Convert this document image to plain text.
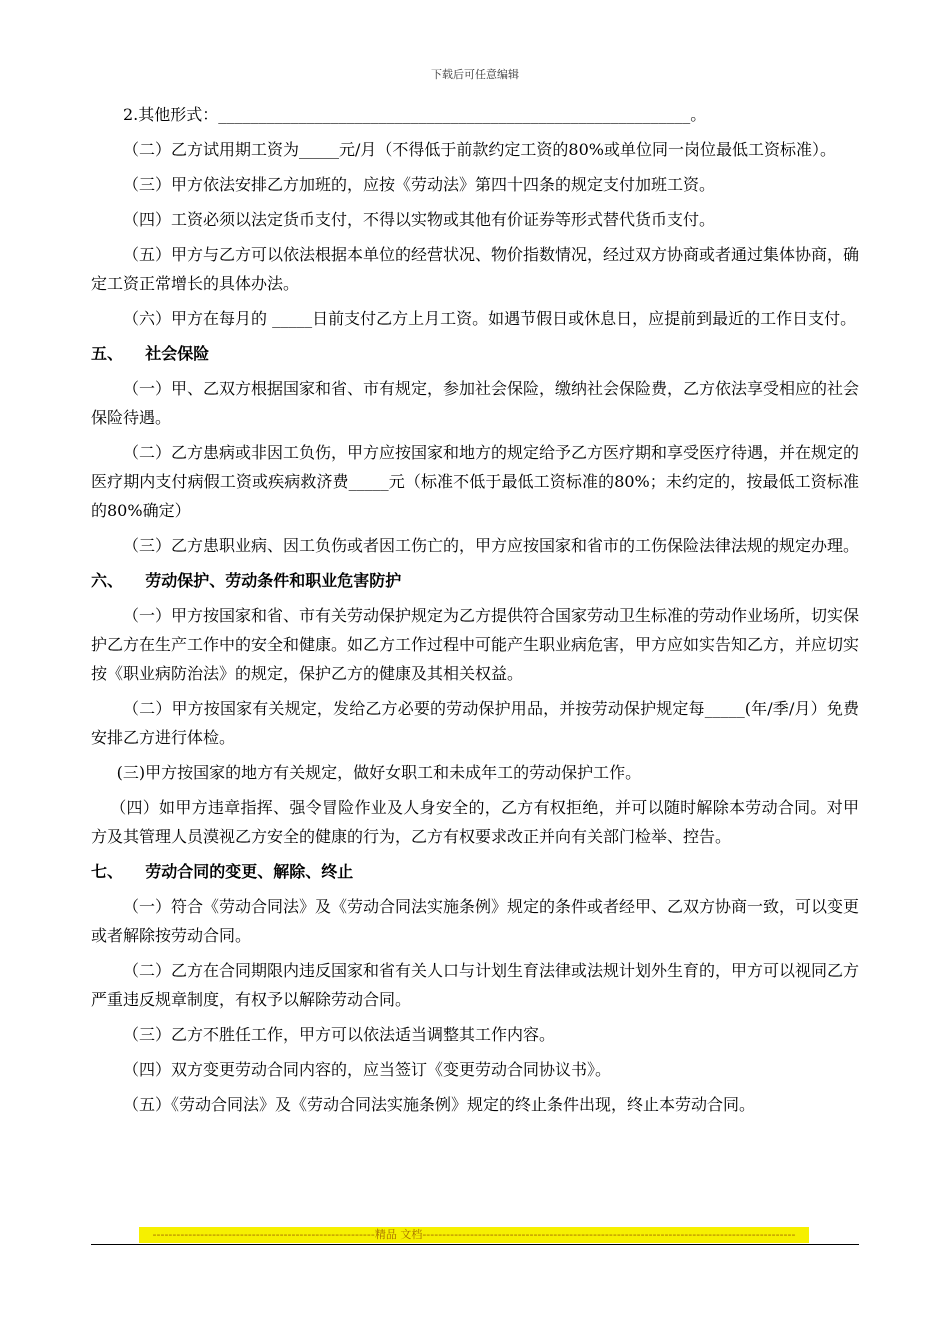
下载后可任意编辑

2.其他形式：___________________________________________________________。

（二）乙方试用期工资为_____元/月（不得低于前款约定工资的80%或单位同一岗位最低工资标准）。

（三）甲方依法安排乙方加班的，应按《劳动法》第四十四条的规定支付加班工资。

（四）工资必须以法定货币支付，不得以实物或其他有价证券等形式替代货币支付。

（五）甲方与乙方可以依法根据本单位的经营状况、物价指数情况，经过双方协商或者通过集体协商，确定工资正常增长的具体办法。

（六）甲方在每月的 _____日前支付乙方上月工资。如遇节假日或休息日，应提前到最近的工作日支付。

五、    社会保险

（一）甲、乙双方根据国家和省、市有规定，参加社会保险，缴纳社会保险费，乙方依法享受相应的社会保险待遇。

（二）乙方患病或非因工负伤，甲方应按国家和地方的规定给予乙方医疗期和享受医疗待遇，并在规定的医疗期内支付病假工资或疾病救济费_____元（标准不低于最低工资标准的80%；未约定的，按最低工资标准的80%确定）

（三）乙方患职业病、因工负伤或者因工伤亡的，甲方应按国家和省市的工伤保险法律法规的规定办理。

六、    劳动保护、劳动条件和职业危害防护

（一）甲方按国家和省、市有关劳动保护规定为乙方提供符合国家劳动卫生标准的劳动作业场所，切实保护乙方在生产工作中的安全和健康。如乙方工作过程中可能产生职业病危害，甲方应如实告知乙方，并应切实按《职业病防治法》的规定，保护乙方的健康及其相关权益。

（二）甲方按国家有关规定，发给乙方必要的劳动保护用品，并按劳动保护规定每_____(年/季/月）免费安排乙方进行体检。

(三)甲方按国家的地方有关规定，做好女职工和未成年工的劳动保护工作。

（四）如甲方违章指挥、强令冒险作业及人身安全的，乙方有权拒绝，并可以随时解除本劳动合同。对甲方及其管理人员漠视乙方安全的健康的行为，乙方有权要求改正并向有关部门检举、控告。

七、    劳动合同的变更、解除、终止

（一）符合《劳动合同法》及《劳动合同法实施条例》规定的条件或者经甲、乙双方协商一致，可以变更或者解除按劳动合同。

（二）乙方在合同期限内违反国家和省有关人口与计划生育法律或法规计划外生育的，甲方可以视同乙方严重违反规章制度，有权予以解除劳动合同。

（三）乙方不胜任工作，甲方可以依法适当调整其工作内容。

（四）双方变更劳动合同内容的，应当签订《变更劳动合同协议书》。

（五）《劳动合同法》及《劳动合同法实施条例》规定的终止条件出现，终止本劳动合同。

--------------------------------------------------------精品 文档----------------------------------------------------------------------------------------------
